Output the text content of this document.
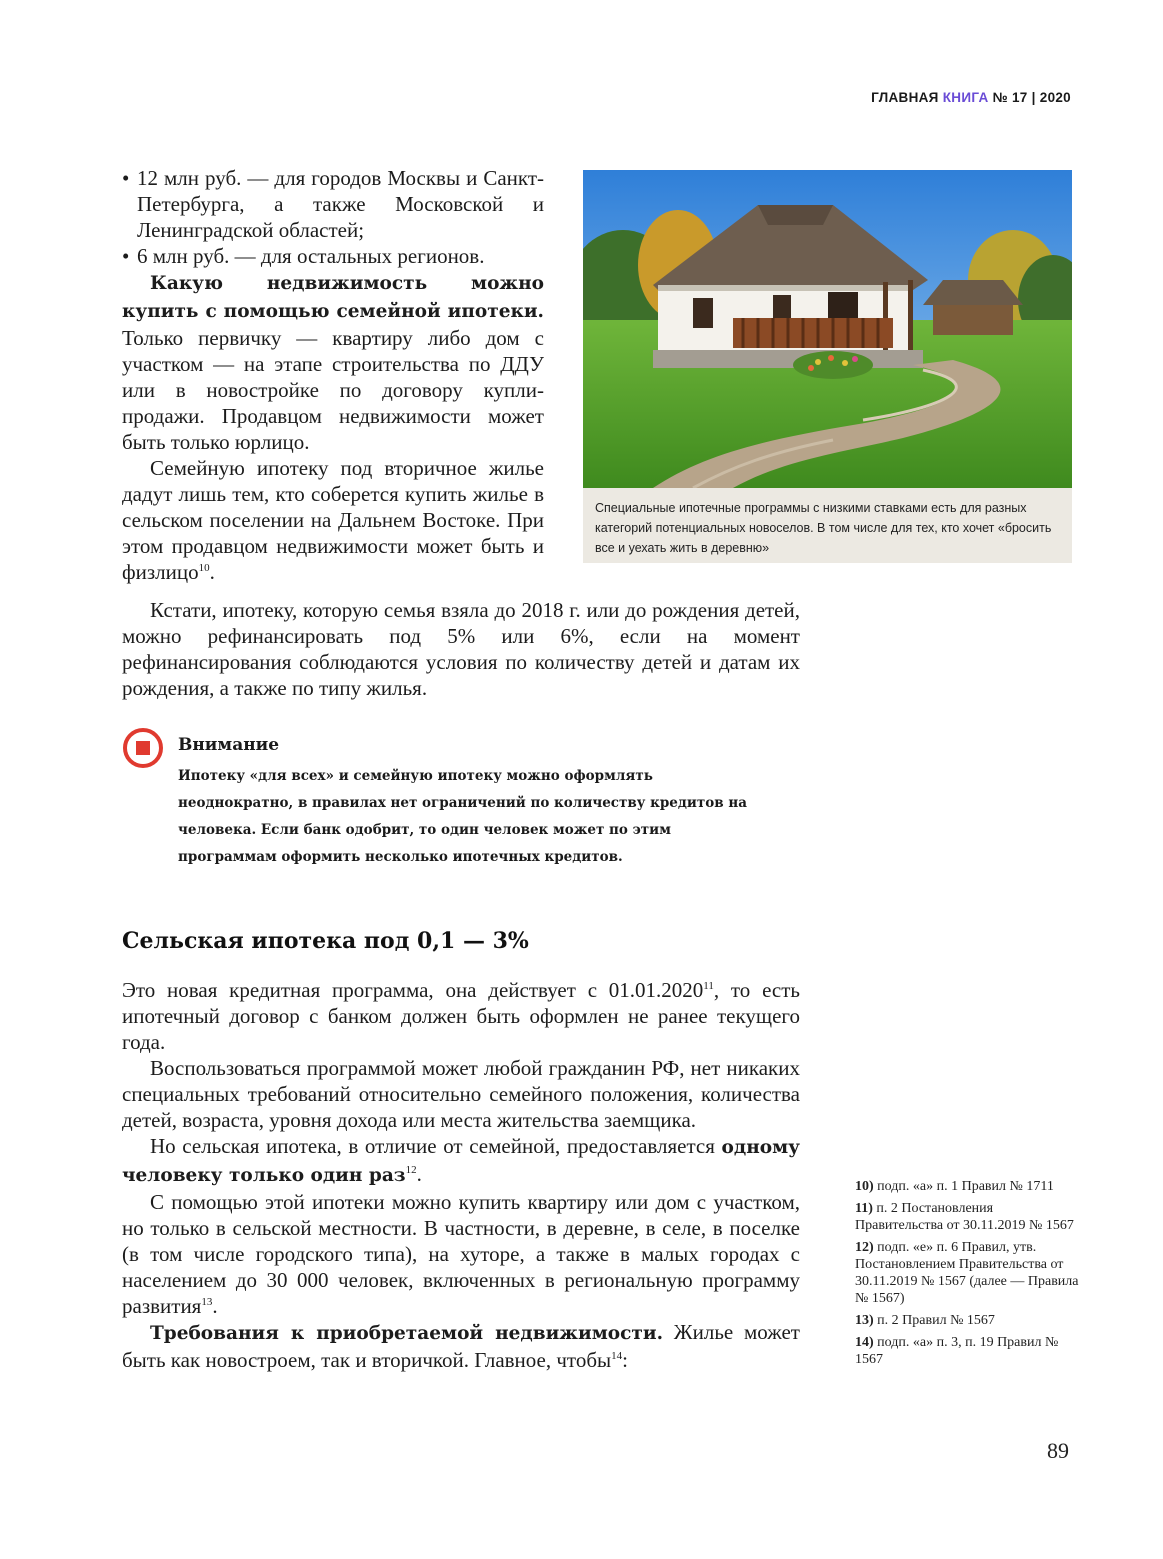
ГЛАВНАЯ КНИГА № 17 | 2020
• 12 млн руб. — для городов Москвы и Санкт-Петербурга, а также Московской и Ленинградской областей;
• 6 млн руб. — для остальных регионов.

Какую недвижимость можно купить с помощью семейной ипотеки. Только первичку — квартиру либо дом с участком — на этапе строительства по ДДУ или в новостройке по договору купли-продажи. Продавцом недвижимости может быть только юрлицо.

Семейную ипотеку под вторичное жилье дадут лишь тем, кто соберется купить жилье в сельском поселении на Дальнем Востоке. При этом продавцом недвижимости может быть и физлицо$^{10}$.

Кстати, ипотеку, которую семья взяла до 2018 г. или до рождения детей, можно рефинансировать под 5% или 6%, если на момент рефинансирования соблюдаются условия по количеству детей и датам их рождения, а также по типу жилья.

Специальные ипотечные программы с низкими ставками есть для разных категорий потенциальных новоселов. В том числе для тех, кто хочет «бросить все и уехать жить в деревню»
Внимание
Ипотеку «для всех» и семейную ипотеку можно оформлять неоднократно, в правилах нет ограничений по количеству кредитов на человека. Если банк одобрит, то один человек может по этим программам оформить несколько ипотечных кредитов.
Сельская ипотека под 0,1 — 3%

Это новая кредитная программа, она действует с 01.01.2020$^{11}$, то есть ипотечный договор с банком должен быть оформлен не ранее текущего года.

Воспользоваться программой может любой гражданин РФ, нет никаких специальных требований относительно семейного положения, количества детей, возраста, уровня дохода или места жительства заемщика.

Но сельская ипотека, в отличие от семейной, предоставляется одному человеку только один раз$^{12}$.

С помощью этой ипотеки можно купить квартиру или дом с участком, но только в сельской местности. В частности, в деревне, в селе, в поселке (в том числе городского типа), на хуторе, а также в малых городах с населением до 30 000 человек, включенных в региональную программу развития$^{13}$.

Требования к приобретаемой недвижимости. Жилье может быть как новостроем, так и вторичкой. Главное, чтобы$^{14}$:

10) подп. «а» п. 1 Правил № 1711
11) п. 2 Постановления Правительства от 30.11.2019 № 1567
12) подп. «е» п. 6 Правил, утв. Постановлением Правительства от 30.11.2019 № 1567 (далее — Правила № 1567)
13) п. 2 Правил № 1567
14) подп. «а» п. 3, п. 19 Правил № 1567
89
